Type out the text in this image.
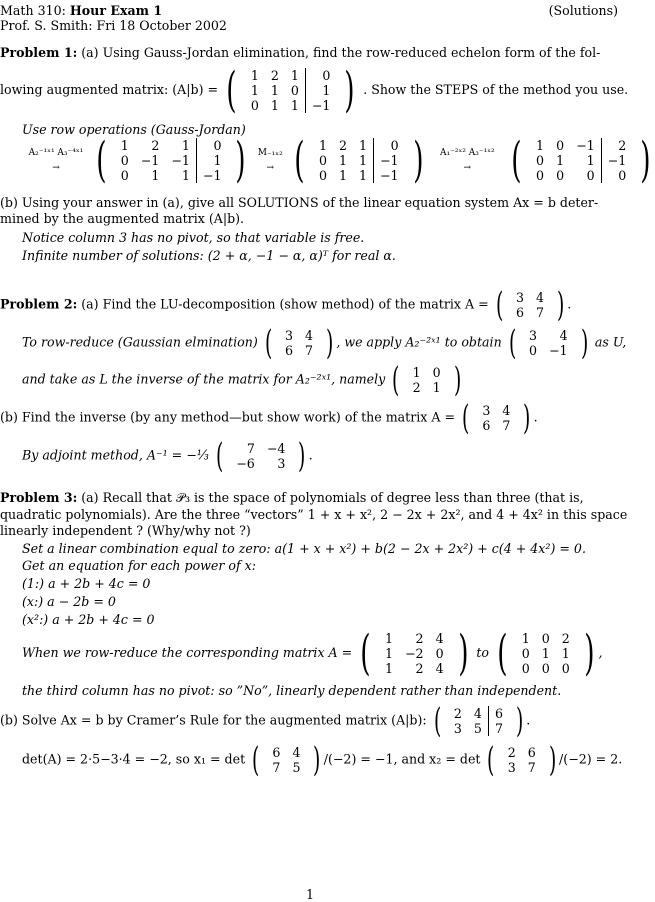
Math 310: Hour Exam 1	(Solutions)
Prof. S. Smith: Fri 18 October 2002
Problem 1: (a) Using Gauss-Jordan elimination, find the row-reduced echelon form of the fol-
lowing augmented matrix: (A|b) = ( 1	2	1	0
1	1	0	1
0	1	1	−1 ) . Show the STEPS of the method you use.
Use row operations (Gauss-Jordan)
A₂⁻¹ˣ¹ A₃⁻⁴ˣ¹
→ ( 1	2	1	0
0	−1	−1	1
0	1	1	−1 ) M₋₁ₓ₂
→ ( 1	2	1	0
0	1	1	−1
0	1	1	−1 ) A₁⁻²ˣ² A₃⁻¹ˣ²
→ ( 1	0	−1	2
0	1	1	−1
0	0	0	0 )
(b) Using your answer in (a), give all SOLUTIONS of the linear equation system Ax = b deter-
mined by the augmented matrix (A|b).
Notice column 3 has no pivot, so that variable is free.
Infinite number of solutions: (2 + α, −1 − α, α)ᵀ for real α.
Problem 2: (a) Find the LU-decomposition (show method) of the matrix A = ( 3	4
6	7 ) .
To row-reduce (Gaussian elmination) ( 3	4
6	7 ) , we apply A₂⁻²ˣ¹ to obtain ( 3	4
0	−1 ) as U,
and take as L the inverse of the matrix for A₂⁻²ˣ¹, namely ( 1	0
2	1 )
(b) Find the inverse (by any method—but show work) of the matrix A = ( 3	4
6	7 ) .
By adjoint method, A⁻¹ = −⅓ ( 7	−4
−6	3 ) .
Problem 3: (a) Recall that 𝒫₃ is the space of polynomials of degree less than three (that is,
quadratic polynomials). Are the three “vectors” 1 + x + x², 2 − 2x + 2x², and 4 + 4x² in this space
linearly independent ? (Why/why not ?)
Set a linear combination equal to zero: a(1 + x + x²) + b(2 − 2x + 2x²) + c(4 + 4x²) = 0.
Get an equation for each power of x:
(1:) a + 2b + 4c = 0
(x:) a − 2b = 0
(x²:) a + 2b + 4c = 0
When we row-reduce the corresponding matrix A = ( 1	2	4
1	−2	0
1	2	4 ) to ( 1	0	2
0	1	1
0	0	0 ) ,
the third column has no pivot: so ”No”, linearly dependent rather than independent.
(b) Solve Ax = b by Cramer’s Rule for the augmented matrix (A|b): ( 2	4	6
3	5	7 ) .
det(A) = 2·5−3·4 = −2, so x₁ = det ( 6	4
7	5 ) /(−2) = −1, and x₂ = det ( 2	6
3	7 ) /(−2) = 2.
1
